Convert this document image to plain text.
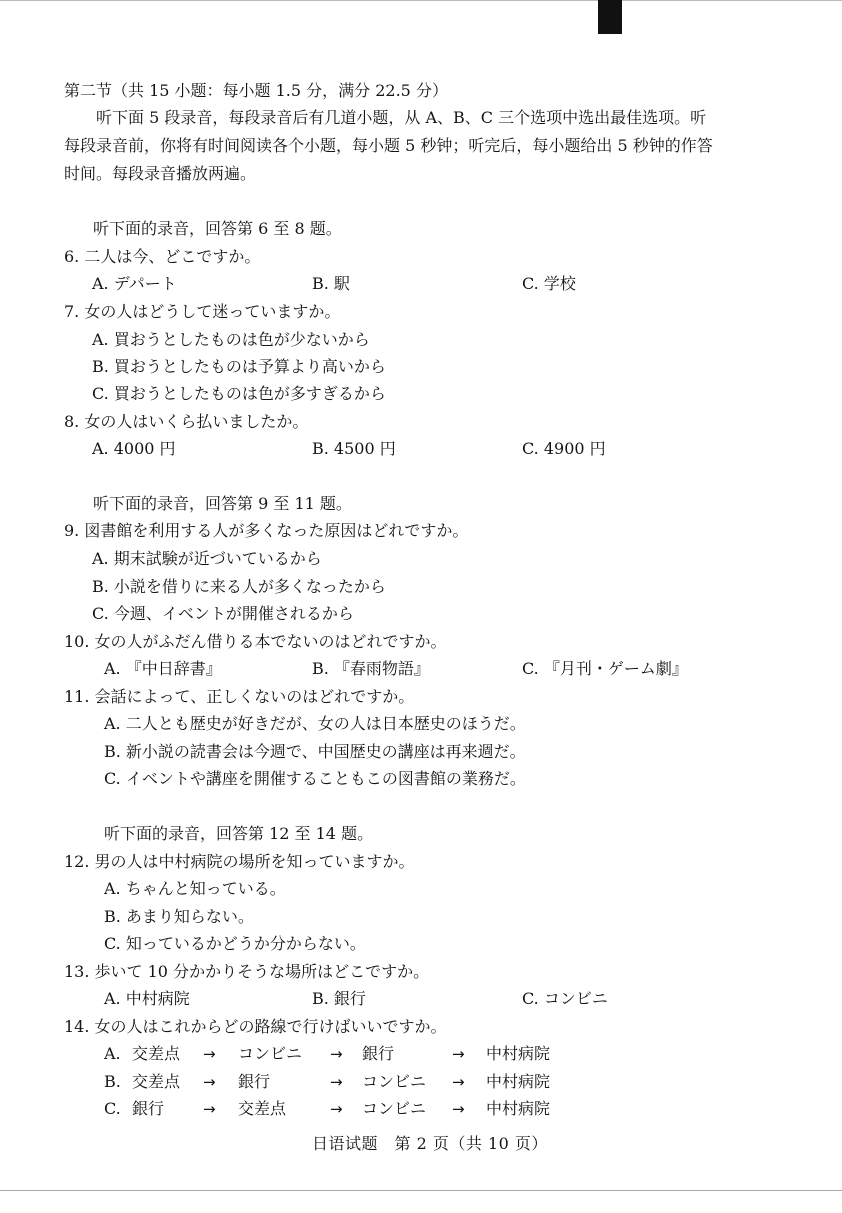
第二节（共 15 小题：每小题 1.5 分，满分 22.5 分）
听下面 5 段录音，每段录音后有几道小题，从 A、B、C 三个选项中选出最佳选项。听
每段录音前，你将有时间阅读各个小题，每小题 5 秒钟；听完后，每小题给出 5 秒钟的作答
时间。每段录音播放两遍。
听下面的录音，回答第 6 至 8 题。
6. 二人は今、どこですか。
A. デパート	B. 駅	C. 学校
7. 女の人はどうして迷っていますか。
A. 買おうとしたものは色が少ないから
B. 買おうとしたものは予算より高いから
C. 買おうとしたものは色が多すぎるから
8. 女の人はいくら払いましたか。
A. 4000 円	B. 4500 円	C. 4900 円
听下面的录音，回答第 9 至 11 题。
9. 図書館を利用する人が多くなった原因はどれですか。
A. 期末試験が近づいているから
B. 小説を借りに来る人が多くなったから
C. 今週、イベントが開催されるから
10. 女の人がふだん借りる本でないのはどれですか。
A. 『中日辞書』	B. 『春雨物語』	C. 『月刊・ゲーム劇』
11. 会話によって、正しくないのはどれですか。
A. 二人とも歴史が好きだが、女の人は日本歴史のほうだ。
B. 新小説の読書会は今週で、中国歴史の講座は再来週だ。
C. イベントや講座を開催することもこの図書館の業務だ。
听下面的录音，回答第 12 至 14 题。
12. 男の人は中村病院の場所を知っていますか。
A. ちゃんと知っている。
B. あまり知らない。
C. 知っているかどうか分からない。
13. 歩いて 10 分かかりそうな場所はどこですか。
A. 中村病院	B. 銀行	C. コンビニ
14. 女の人はこれからどの路線で行けばいいですか。
A. 交差点 → コンビニ → 銀行	→ 中村病院
B. 交差点 → 銀行	→ コンビニ → 中村病院
C. 銀行	→ 交差点	→ コンビニ → 中村病院
日语试题　第 2 页（共 10 页）
